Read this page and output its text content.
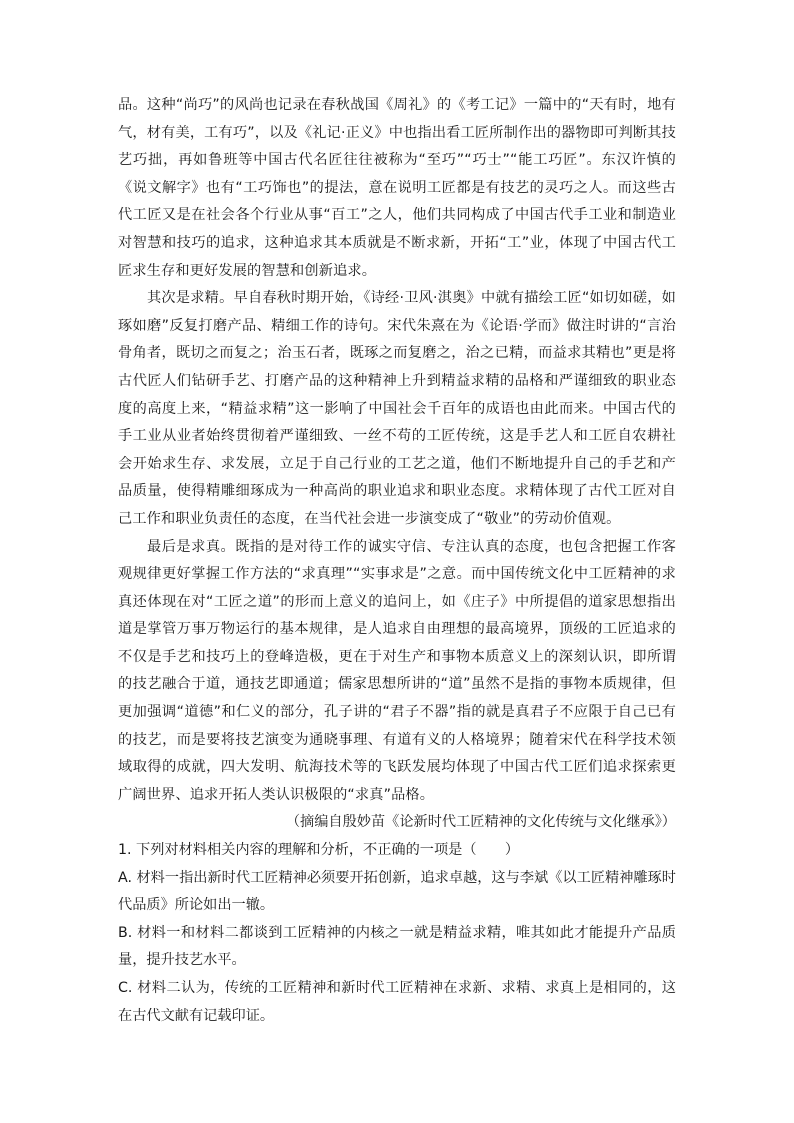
品。这种“尚巧”的风尚也记录在春秋战国《周礼》的《考工记》一篇中的“天有时，地有气，材有美，工有巧”，以及《礼记·正义》中也指出看工匠所制作出的器物即可判断其技艺巧拙，再如鲁班等中国古代名匠往往被称为“至巧”“巧士”“能工巧匠”。东汉许慎的《说文解字》也有“工巧饰也”的提法，意在说明工匠都是有技艺的灵巧之人。而这些古代工匠又是在社会各个行业从事“百工”之人，他们共同构成了中国古代手工业和制造业对智慧和技巧的追求，这种追求其本质就是不断求新，开拓“工”业，体现了中国古代工匠求生存和更好发展的智慧和创新追求。

其次是求精。早自春秋时期开始，《诗经·卫风·淇奥》中就有描绘工匠“如切如磋，如琢如磨”反复打磨产品、精细工作的诗句。宋代朱熹在为《论语·学而》做注时讲的“言治骨角者，既切之而复之；治玉石者，既琢之而复磨之，治之已精，而益求其精也”更是将古代匠人们钻研手艺、打磨产品的这种精神上升到精益求精的品格和严谨细致的职业态度的高度上来，“精益求精”这一影响了中国社会千百年的成语也由此而来。中国古代的手工业从业者始终贯彻着严谨细致、一丝不苟的工匠传统，这是手艺人和工匠自农耕社会开始求生存、求发展，立足于自己行业的工艺之道，他们不断地提升自己的手艺和产品质量，使得精雕细琢成为一种高尚的职业追求和职业态度。求精体现了古代工匠对自己工作和职业负责任的态度，在当代社会进一步演变成了“敬业”的劳动价值观。

最后是求真。既指的是对待工作的诚实守信、专注认真的态度，也包含把握工作客观规律更好掌握工作方法的“求真理”“实事求是”之意。而中国传统文化中工匠精神的求真还体现在对“工匠之道”的形而上意义的追问上，如《庄子》中所提倡的道家思想指出道是掌管万事万物运行的基本规律，是人追求自由理想的最高境界，顶级的工匠追求的不仅是手艺和技巧上的登峰造极，更在于对生产和事物本质意义上的深刻认识，即所谓的技艺融合于道，通技艺即通道；儒家思想所讲的“道”虽然不是指的事物本质规律，但更加强调“道德”和仁义的部分，孔子讲的“君子不器”指的就是真君子不应限于自己已有的技艺，而是要将技艺演变为通晓事理、有道有义的人格境界；随着宋代在科学技术领域取得的成就，四大发明、航海技术等的飞跃发展均体现了中国古代工匠们追求探索更广阔世界、追求开拓人类认识极限的“求真”品格。

（摘编自殷妙苗《论新时代工匠精神的文化传统与文化继承》）

1. 下列对材料相关内容的理解和分析，不正确的一项是（　　）

A. 材料一指出新时代工匠精神必须要开拓创新，追求卓越，这与李斌《以工匠精神雕琢时代品质》所论如出一辙。

B. 材料一和材料二都谈到工匠精神的内核之一就是精益求精，唯其如此才能提升产品质量，提升技艺水平。

C. 材料二认为，传统的工匠精神和新时代工匠精神在求新、求精、求真上是相同的，这在古代文献有记载印证。
